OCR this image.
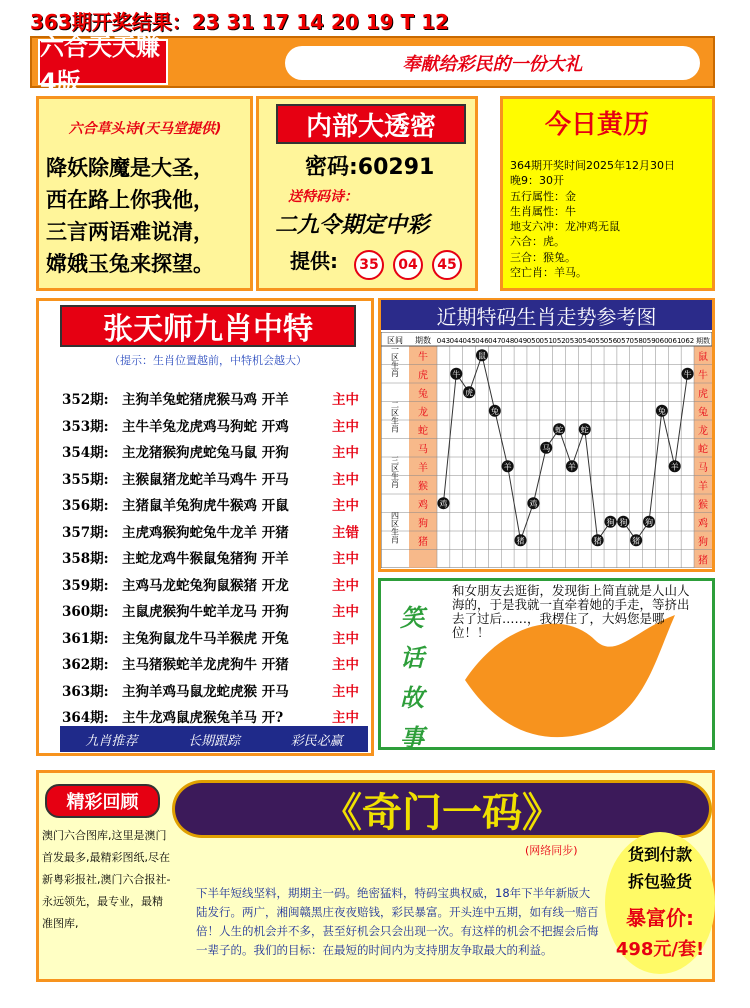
363期开奖结果：23 31 17 14 20 19 T 12
六合天天赚 4版
奉献给彩民的一份大礼
六合草头诗(天马堂提供)
降妖除魔是大圣，
西在路上你我他，
三言两语难说清，
嫦娥玉兔来探望。
内部大透密
密码:60291
送特码诗：
二九令期定中彩
提供:	35	04	45
今日黄历
364期开奖时间2025年12月30日
晚9：30开
五行属性：金
生肖属性：牛
地支六冲：龙冲鸡无鼠
六合：虎。
三合：猴兔。
空亡肖：羊马。
张天师九肖中特
（提示：生肖位置越前，中特机会越大）
352期: 主狗羊兔蛇猪虎猴马鸡 开羊	主中
353期: 主牛羊兔龙虎鸡马狗蛇 开鸡	主中
354期: 主龙猪猴狗虎蛇兔马鼠 开狗	主中
355期: 主猴鼠猪龙蛇羊马鸡牛 开马	主中
356期: 主猪鼠羊兔狗虎牛猴鸡 开鼠	主中
357期: 主虎鸡猴狗蛇兔牛龙羊 开猪	主错
358期: 主蛇龙鸡牛猴鼠兔猪狗 开羊	主中
359期: 主鸡马龙蛇兔狗鼠猴猪 开龙	主中
360期: 主鼠虎猴狗牛蛇羊龙马 开狗	主中
361期: 主兔狗鼠龙牛马羊猴虎 开兔	主中
362期: 主马猪猴蛇羊龙虎狗牛 开猪	主中
363期: 主狗羊鸡马鼠龙蛇虎猴 开马	主中
364期: 主牛龙鸡鼠虎猴兔羊马 开?	主中
九肖推荐	长期跟踪	彩民必赢
近期特码生肖走势参考图
区间 期数 043 044 045 046 047 048 049 050 051 052 053 054 055 056 057 058 059 060 061 062 期数
一区生肖
二区生肖
三区生肖
四区生肖
牛
虎
兔
龙
蛇
马
羊
猴
鸡
狗
猪
鼠
牛
虎
兔
龙
蛇
马
羊
猴
鸡
狗
猪
鸡
牛
虎
鼠
兔
羊
猪
鸡
马
蛇
羊
蛇
猪
狗 狗
猪
狗
兔
羊
牛
笑话故事
和女朋友去逛街，发现街上简直就是人山人海的，于是我就一直牵着她的手走，等挤出去了过后……，我楞住了，大妈您是哪位！！
精彩回顾
澳门六合图库,这里是澳门首发最多,最精彩图纸,尽在新粤彩报社,澳门六合报社-永远领先，最专业，最精准图库,
《奇门一码》
(网络同步)	货到付款
拆包验货
暴富价:
498元/套!
下半年短线坚料，期期主一码。绝密猛料，特码宝典权威，18年下半年新版大陆发行。两广，湘闽赣黑庄夜夜赔钱，彩民暴富。开头连中五期，如有线一赔百倍！人生的机会并不多，甚至好机会只会出现一次。有这样的机会不把握会后悔一辈子的。我们的目标：在最短的时间内为支持朋友争取最大的利益。
